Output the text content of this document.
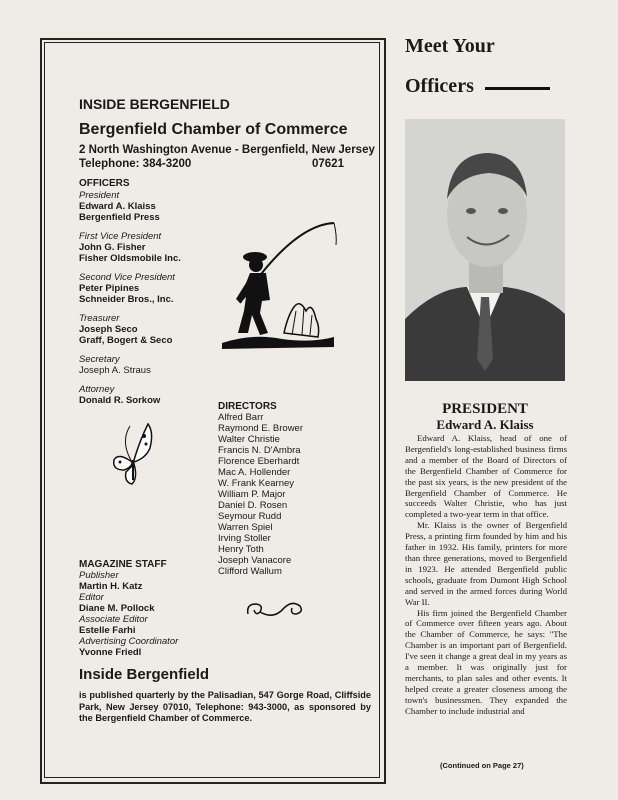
INSIDE BERGENFIELD
Bergenfield Chamber of Commerce
2 North Washington Avenue - Bergenfield, New Jersey
Telephone: 384-3200	07621
OFFICERS
President
Edward A. Klaiss
Bergenfield Press
First Vice President
John G. Fisher
Fisher Oldsmobile Inc.
Second Vice President
Peter Pipines
Schneider Bros., Inc.
Treasurer
Joseph Seco
Graff, Bogert & Seco
Secretary
Joseph A. Straus
Attorney
Donald R. Sorkow
DIRECTORS
Alfred Barr
Raymond E. Brower
Walter Christie
Francis N. D'Ambra
Florence Eberhardt
Mac A. Hollender
W. Frank Kearney
William P. Major
Daniel D. Rosen
Seymour Rudd
Warren Spiel
Irving Stoller
Henry Toth
Joseph Vanacore
Clifford Wallum
MAGAZINE STAFF
Publisher
Martin H. Katz
Editor
Diane M. Pollock
Associate Editor
Estelle Farhi
Advertising Coordinator
Yvonne Friedl
Inside Bergenfield
is published quarterly by the Palisadian, 547 Gorge Road, Cliffside Park, New Jersey 07010, Telephone: 943-3000, as sponsored by the Bergenfield Chamber of Commerce.
Meet Your
Officers
PRESIDENT
Edward A. Klaiss

Edward A. Klaiss, head of one of Bergenfield's long-established business firms and a member of the Board of Directors of the Bergenfield Chamber of Commerce for the past six years, is the new president of the Bergenfield Chamber of Commerce. He succeeds Walter Christie, who has just completed a two-year term in that office.

Mr. Klaiss is the owner of Bergenfield Press, a printing firm founded by him and his father in 1932. His family, printers for more than three generations, moved to Bergenfield in 1923. He attended Bergenfield public schools, graduate from Dumont High School and served in the armed forces during World War II.

His firm joined the Bergenfield Chamber of Commerce over fifteen years ago. About the Chamber of Commerce, he says: "The Chamber is an important part of Bergenfield. I've seen it change a great deal in my years as a member. It was originally just for merchants, to plan sales and other events. It helped create a greater closeness among the town's businessmen. They expanded the Chamber to include industrial and

(Continued on Page 27)
